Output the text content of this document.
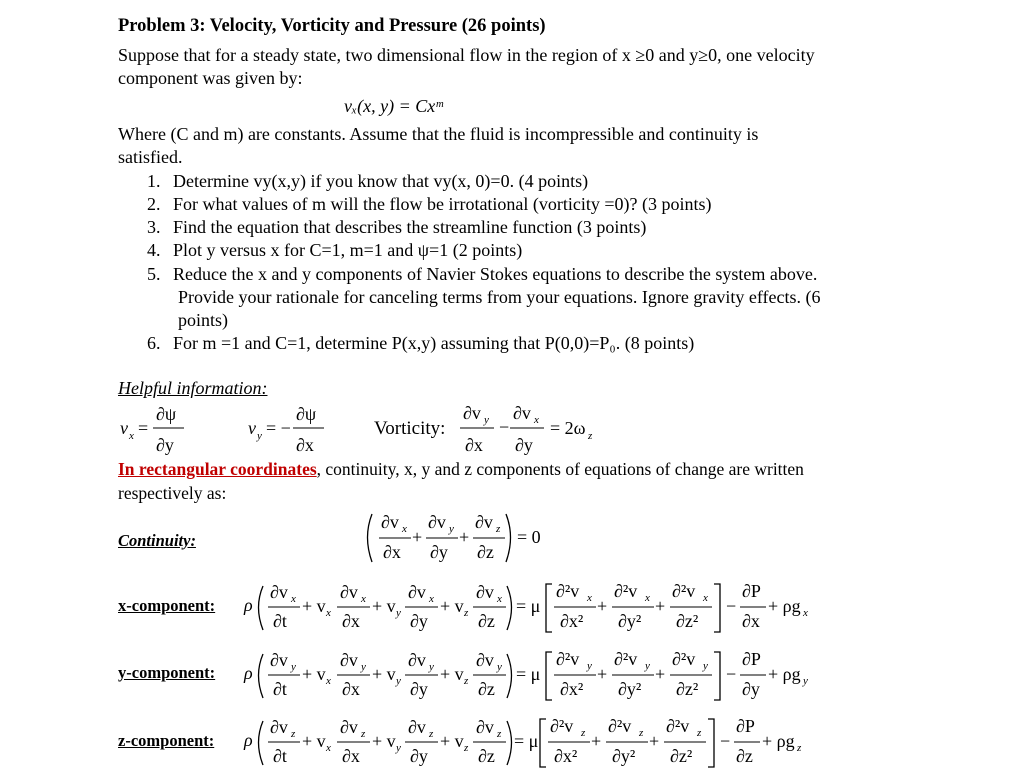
Problem 3: Velocity, Vorticity and Pressure (26 points)
Suppose that for a steady state, two dimensional flow in the region of x ≥0 and y≥0, one velocity
component was given by:
vₓ(x, y) = Cxᵐ
Where (C and m) are constants. Assume that the fluid is incompressible and continuity is
satisfied.
1. Determine vy(x,y) if you know that vy(x, 0)=0. (4 points)
2. For what values of m will the flow be irrotational (vorticity =0)? (3 points)
3. Find the equation that describes the streamline function (3 points)
4. Plot y versus x for C=1, m=1 and ψ=1 (2 points)
5. Reduce the x and y components of Navier Stokes equations to describe the system above.
Provide your rationale for canceling terms from your equations. Ignore gravity effects. (6
points)
6. For m =1 and C=1, determine P(x,y) assuming that P(0,0)=P₀. (8 points)
Helpful information:
Vorticity:
In rectangular coordinates, continuity, x, y and z components of equations of change are written
respectively as:
Continuity:
x-component:
y-component:
z-component:
v x =
∂ψ
∂y
v y = −
∂ψ
∂x
∂v y
∂x
−
∂v x
∂y
= 2ω z
∂v x
∂x
+
∂v y
∂y
+
∂v z
∂z
= 0
ρ
∂v x
∂t
+ v x
∂v x
∂x
+ v y
∂v x
∂y
+ v z
∂v x
∂z
= μ
∂²v x
∂x²
+
∂²v x
∂y²
+
∂²v x
∂z²
−
∂P
∂x
+ ρg x
ρ
∂v y
∂t
+ v x
∂v y
∂x
+ v y
∂v y
∂y
+ v z
∂v y
∂z
= μ
∂²v y
∂x²
+
∂²v y
∂y²
+
∂²v y
∂z²
−
∂P
∂y
+ ρg y
ρ
∂v z
∂t
+ v x
∂v z
∂x
+ v y
∂v z
∂y
+ v z
∂v z
∂z
= μ
∂²v z
∂x²
+
∂²v z
∂y²
+
∂²v z
∂z²
−
∂P
∂z
+ ρg z
